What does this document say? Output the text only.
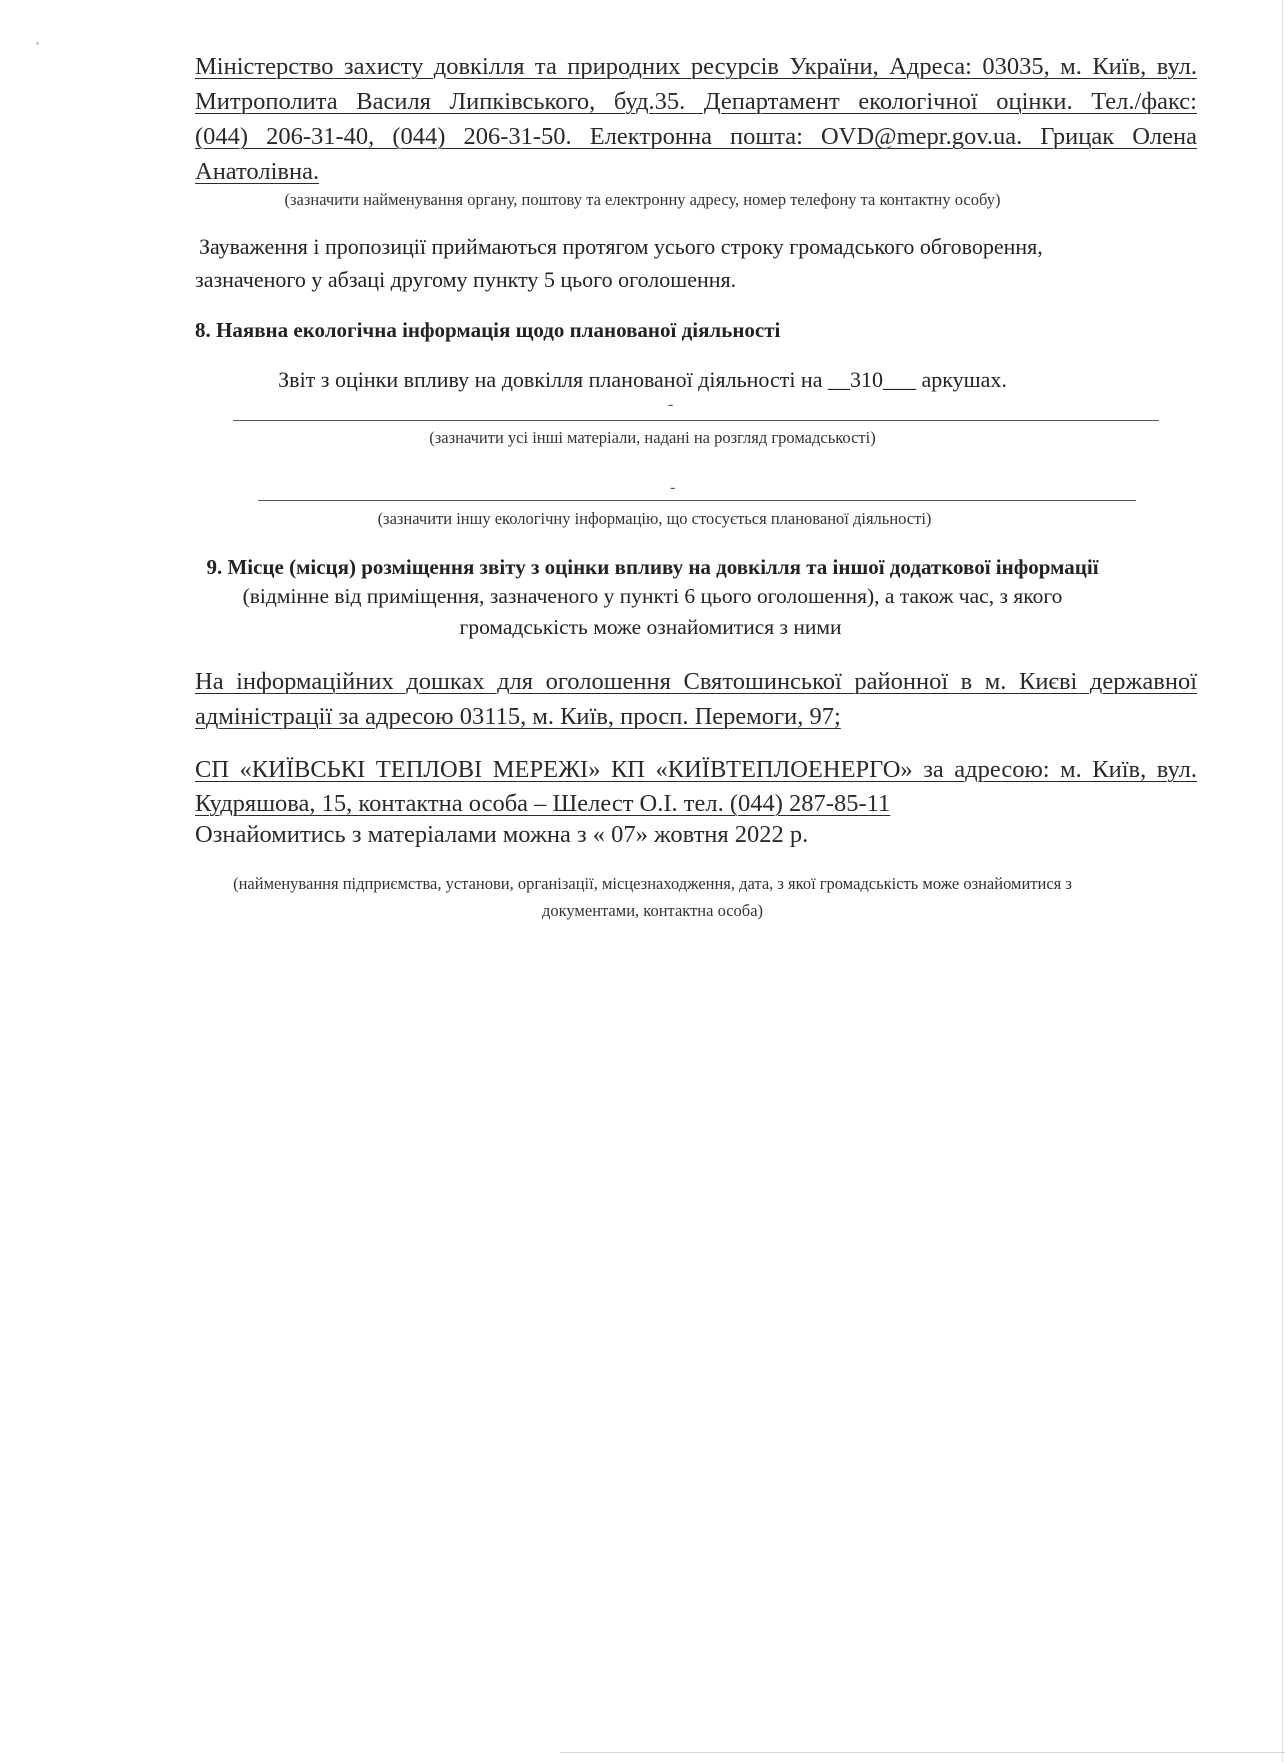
Міністерство захисту довкілля та природних ресурсів України, Адреса: 03035, м. Київ, вул.
Митрополита Василя Липківського, буд.35. Департамент екологічної оцінки. Тел./факс:
(044) 206-31-40, (044) 206-31-50. Електронна пошта: OVD@mepr.gov.ua. Грицак Олена
Анатолівна.
(зазначити найменування органу, поштову та електронну адресу, номер телефону та контактну особу)
Зауваження і пропозиції приймаються протягом усього строку громадського обговорення,
зазначеного у абзаці другому пункту 5 цього оголошення.
8. Наявна екологічна інформація щодо планованої діяльності
Звіт з оцінки впливу на довкілля планованої діяльності на __310___ аркушах.
-
(зазначити усі інші матеріали, надані на розгляд громадськості)
-
(зазначити іншу екологічну інформацію, що стосується планованої діяльності)
9. Місце (місця) розміщення звіту з оцінки впливу на довкілля та іншої додаткової інформації
(відмінне від приміщення, зазначеного у пункті 6 цього оголошення), а також час, з якого
громадськість може ознайомитися з ними
На інформаційних дошках для оголошення Святошинської районної в м. Києві державної
адміністрації за адресою 03115, м. Київ, просп. Перемоги, 97;
СП «КИЇВСЬКІ ТЕПЛОВІ МЕРЕЖІ» КП «КИЇВТЕПЛОЕНЕРГО» за адресою: м. Київ, вул.
Кудряшова, 15, контактна особа – Шелест О.І. тел. (044) 287-85-11
Ознайомитись з матеріалами можна з « 07» жовтня 2022 р.
(найменування підприємства, установи, організації, місцезнаходження, дата, з якої громадськість може ознайомитися з
документами, контактна особа)
